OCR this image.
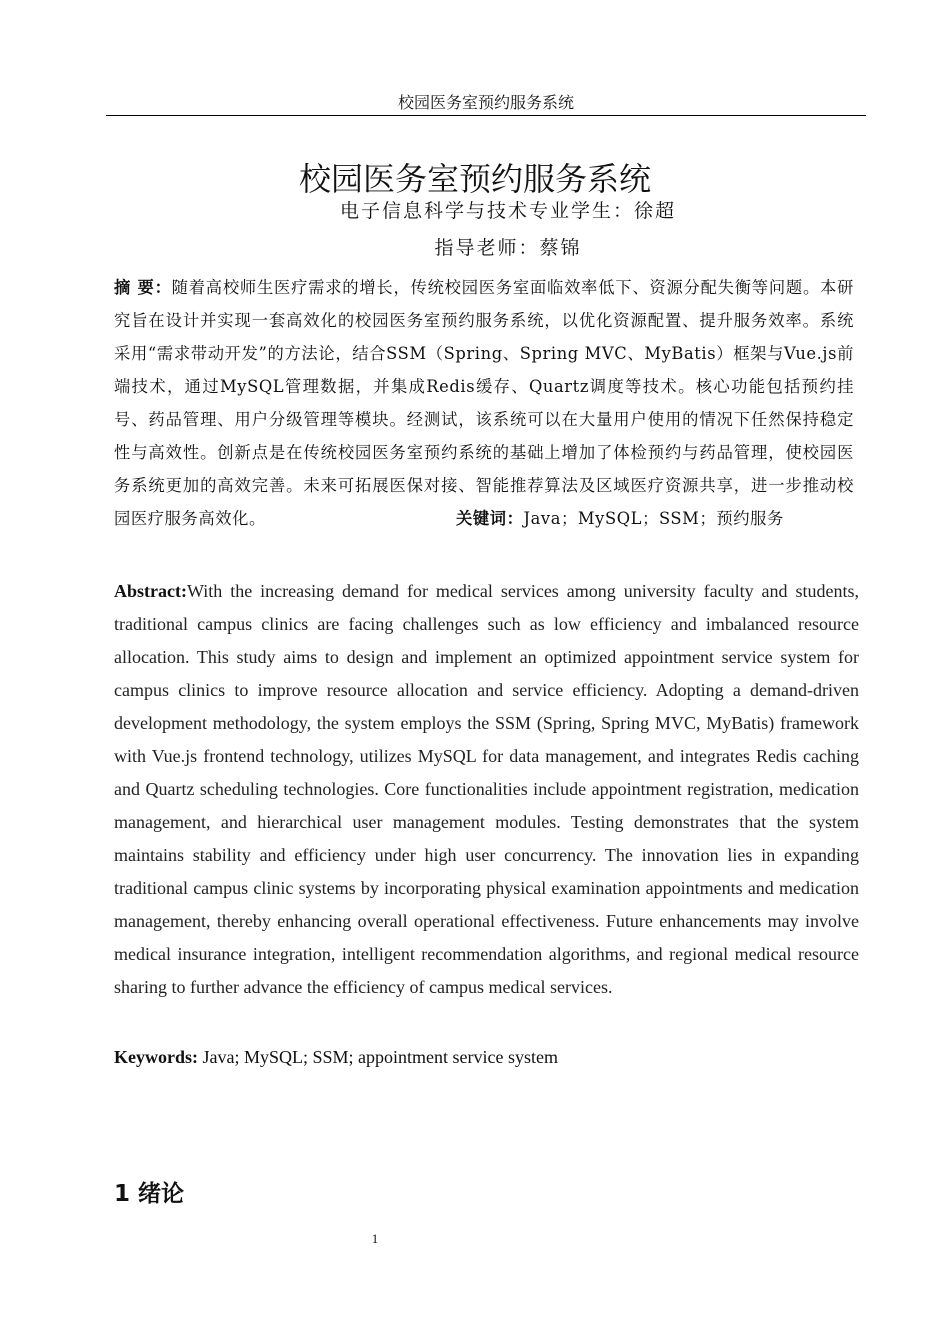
校园医务室预约服务系统
校园医务室预约服务系统
电子信息科学与技术专业学生：徐超
指导老师：蔡锦
摘 要：随着高校师生医疗需求的增长，传统校园医务室面临效率低下、资源分配失衡等问题。本研究旨在设计并实现一套高效化的校园医务室预约服务系统，以优化资源配置、提升服务效率。系统采用“需求带动开发”的方法论，结合SSM（Spring、Spring MVC、MyBatis）框架与Vue.js前端技术，通过MySQL管理数据，并集成Redis缓存、Quartz调度等技术。核心功能包括预约挂号、药品管理、用户分级管理等模块。经测试，该系统可以在大量用户使用的情况下任然保持稳定性与高效性。创新点是在传统校园医务室预约系统的基础上增加了体检预约与药品管理，使校园医务系统更加的高效完善。未来可拓展医保对接、智能推荐算法及区域医疗资源共享，进一步推动校园医疗服务高效化。	关键词：Java；MySQL；SSM；预约服务
Abstract:With the increasing demand for medical services among university faculty and students, traditional campus clinics are facing challenges such as low efficiency and imbalanced resource allocation. This study aims to design and implement an optimized appointment service system for campus clinics to improve resource allocation and service efficiency. Adopting a demand-driven development methodology, the system employs the SSM (Spring, Spring MVC, MyBatis) framework with Vue.js frontend technology, utilizes MySQL for data management, and integrates Redis caching and Quartz scheduling technologies. Core functionalities include appointment registration, medication management, and hierarchical user management modules. Testing demonstrates that the system maintains stability and efficiency under high user concurrency. The innovation lies in expanding traditional campus clinic systems by incorporating physical examination appointments and medication management, thereby enhancing overall operational effectiveness. Future enhancements may involve medical insurance integration, intelligent recommendation algorithms, and regional medical resource sharing to further advance the efficiency of campus medical services.
Keywords: Java; MySQL; SSM; appointment service system
1 绪论
1
